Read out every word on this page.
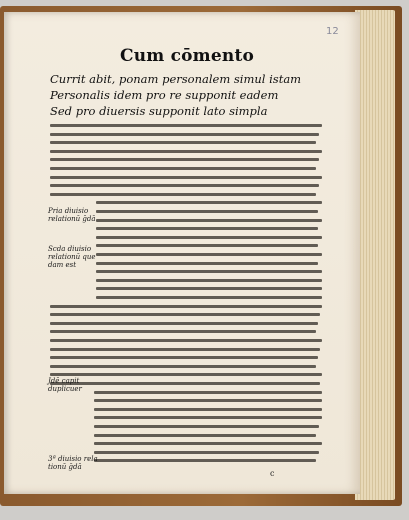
12
Cum cōmento
Currit abit, ponam personalem simul istam
Personalis idem pro re supponit eadem
Sed pro diuersis supponit lato simpla
Pria diuisio
relationū ḡdā
Scda diuisio
relationū que
dam est
Jdē capit
duplicuer
3ª diuisio rela
tionū ḡdā
c
